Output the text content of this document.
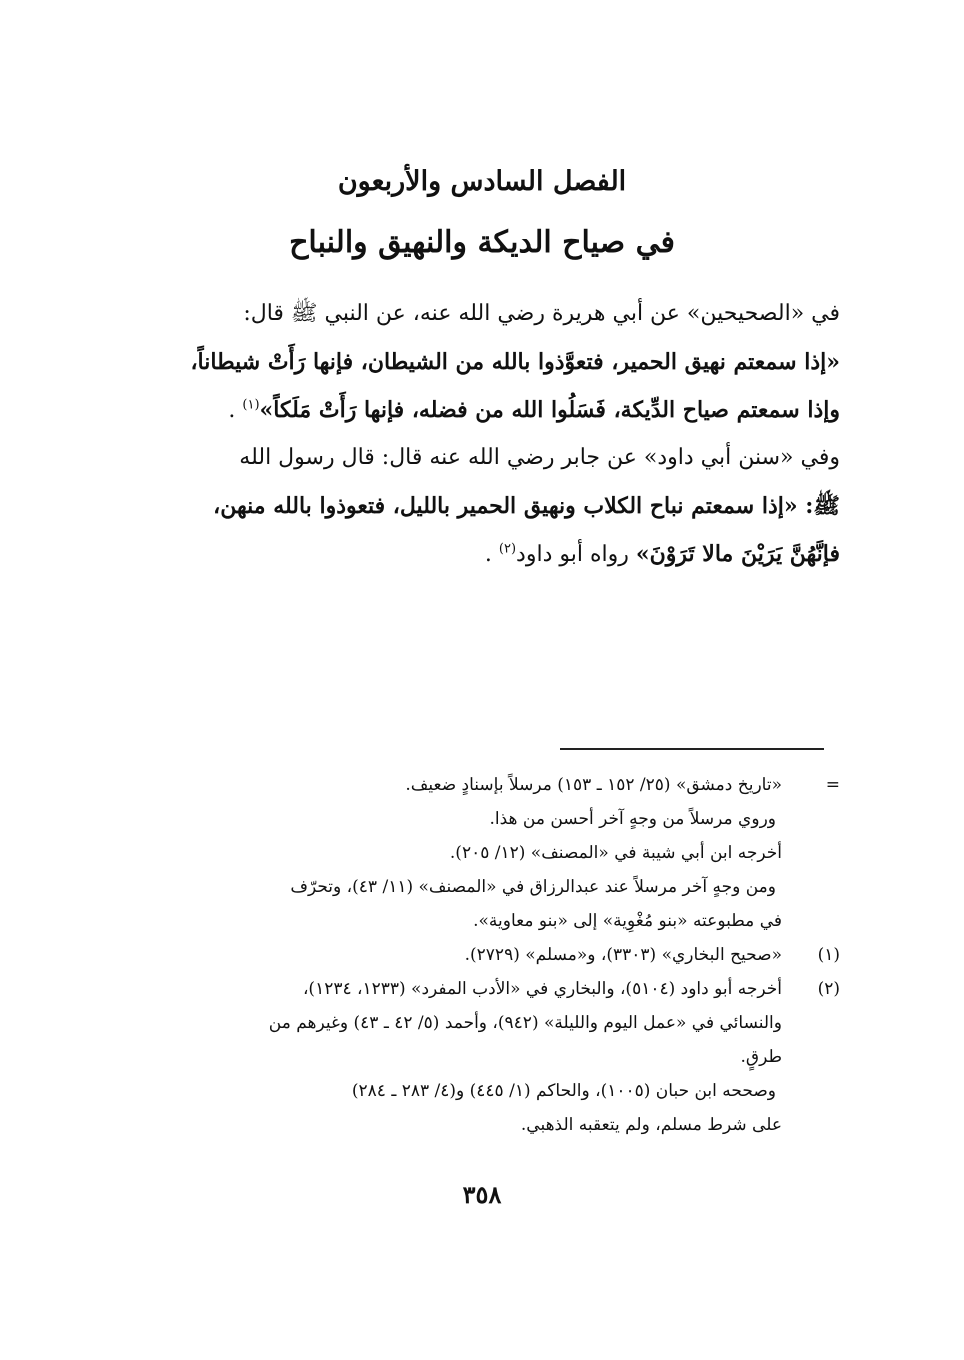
الفصل السادس والأربعون
في صياح الديكة والنهيق والنباح
في «الصحيحين» عن أبي هريرة رضي الله عنه، عن النبي ﷺ قال:
«إذا سمعتم نهيق الحمير، فتعوَّذوا بالله من الشيطان، فإنها رَأَتْ شيطاناً،
وإذا سمعتم صياح الدِّيكة، فَسَلُوا الله من فضله، فإنها رَأَتْ مَلَكاً»$^{(١)}$ .
وفي «سنن أبي داود» عن جابر رضي الله عنه قال: قال رسول الله
ﷺ: «إذا سمعتم نباح الكلاب ونهيق الحمير بالليل، فتعوذوا بالله منهن،
فإنَّهُنَّ يَرَيْنَ مالا تَرَوْنَ» رواه أبو داود$^{(٢)}$ .
=
«تاريخ دمشق» (٢٥/ ١٥٢ ـ ١٥٣) مرسلاً بإسنادٍ ضعيف.
وروي مرسلاً من وجهٍ آخر أحسن من هذا.
أخرجه ابن أبي شيبة في «المصنف» (١٢/ ٢٠٥).
ومن وجهٍ آخر مرسلاً عند عبدالرزاق في «المصنف» (١١/ ٤٣)، وتحرّف
في مطبوعته «بنو مُغْوِية» إلى «بنو معاوية».
(١)
«صحيح البخاري» (٣٣٠٣)، و«مسلم» (٢٧٢٩).
(٢)
أخرجه أبو داود (٥١٠٤)، والبخاري في «الأدب المفرد» (١٢٣٣، ١٢٣٤)،
والنسائي في «عمل اليوم والليلة» (٩٤٢)، وأحمد (٥/ ٤٢ ـ ٤٣) وغيرهم من
طرقٍ.
وصححه ابن حبان (١٠٠٥)، والحاكم (١/ ٤٤٥) و(٤/ ٢٨٣ ـ ٢٨٤)
على شرط مسلم، ولم يتعقبه الذهبي.
٣٥٨
